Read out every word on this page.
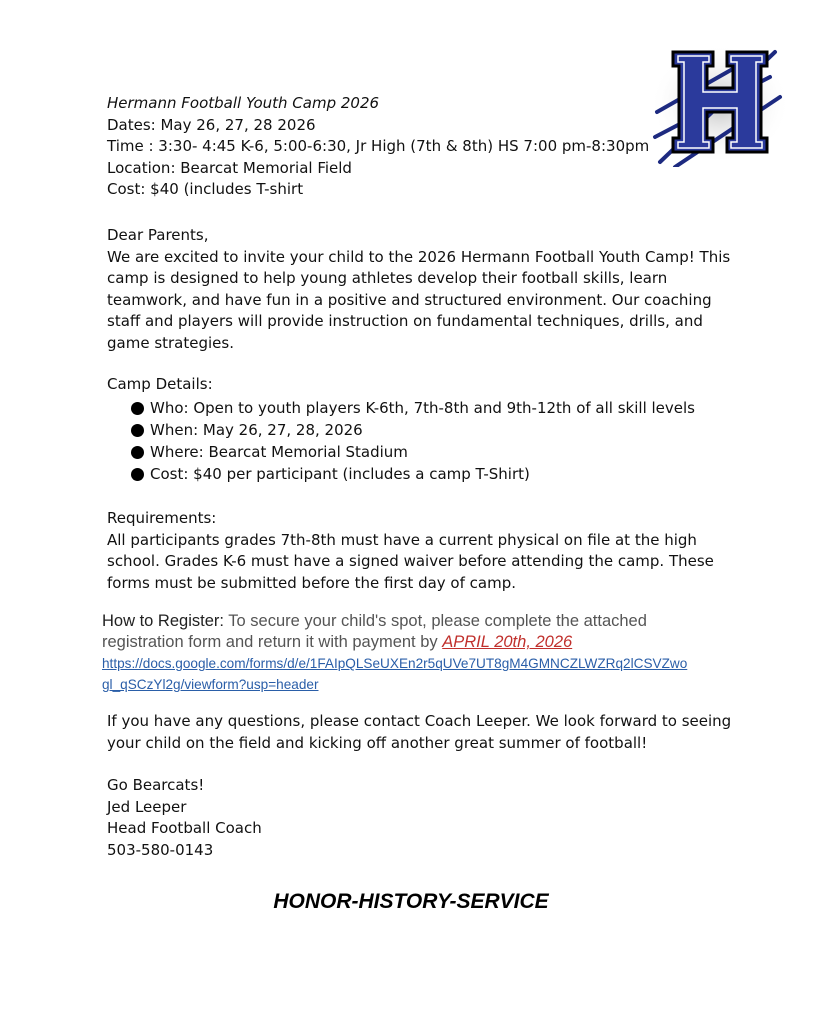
Hermann Football Youth Camp 2026
Dates: May 26, 27, 28 2026
Time : 3:30- 4:45 K-6, 5:00-6:30, Jr High (7th & 8th) HS 7:00 pm-8:30pm
Location: Bearcat Memorial Field
Cost: $40 (includes T-shirt
Dear Parents,
We are excited to invite your child to the 2026 Hermann Football Youth Camp! This
camp is designed to help young athletes develop their football skills, learn
teamwork, and have fun in a positive and structured environment. Our coaching
staff and players will provide instruction on fundamental techniques, drills, and
game strategies.
Camp Details:
Who: Open to youth players K-6th, 7th-8th and 9th-12th of all skill levels
When: May 26, 27, 28, 2026
Where: Bearcat Memorial Stadium
Cost: $40 per participant (includes a camp T-Shirt)
Requirements:
All participants grades 7th-8th must have a current physical on file at the high
school. Grades K-6 must have a signed waiver before attending the camp. These
forms must be submitted before the first day of camp.
How to Register: To secure your child's spot, please complete the attached
registration form and return it with payment by APRIL 20th, 2026
https://docs.google.com/forms/d/e/1FAIpQLSeUXEn2r5qUVe7UT8gM4GMNCZLWZRq2lCSVZwo
gl_qSCzYl2g/viewform?usp=header
If you have any questions, please contact Coach Leeper. We look forward to seeing
your child on the field and kicking off another great summer of football!
Go Bearcats!
Jed Leeper
Head Football Coach
503-580-0143
HONOR-HISTORY-SERVICE
